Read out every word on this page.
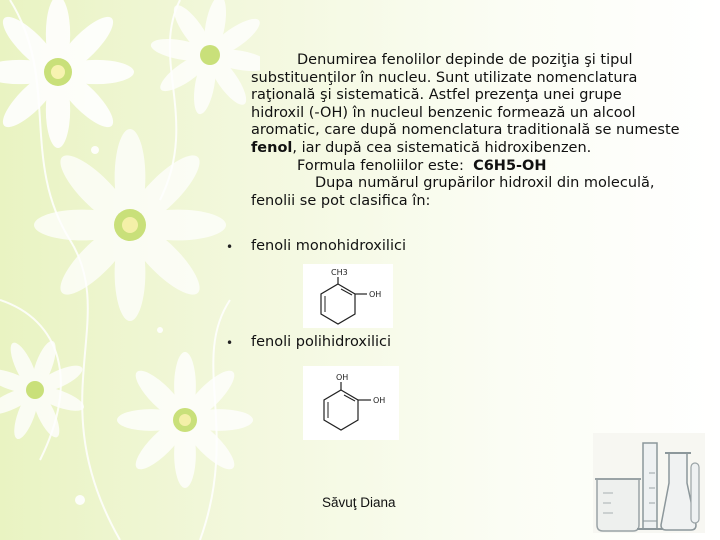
Denumirea fenolilor depinde de poziţia şi tipul
substituenţilor în nucleu. Sunt utilizate nomenclatura
raţională şi sistematică. Astfel prezenţa unei grupe
hidroxil (-OH) în nucleul benzenic formează un alcool
aromatic, care după nomenclatura traditională se numeste
fenol, iar după cea sistematică hidroxibenzen.
Formula fenoliilor este: C6H5-OH
Dupa numărul grupărilor hidroxil din moleculă,
fenolii se pot clasifica în:
• fenoli monohidroxilici
CH3
OH
• fenoli polihidroxilici
OH
OH
Săvuţ Diana
